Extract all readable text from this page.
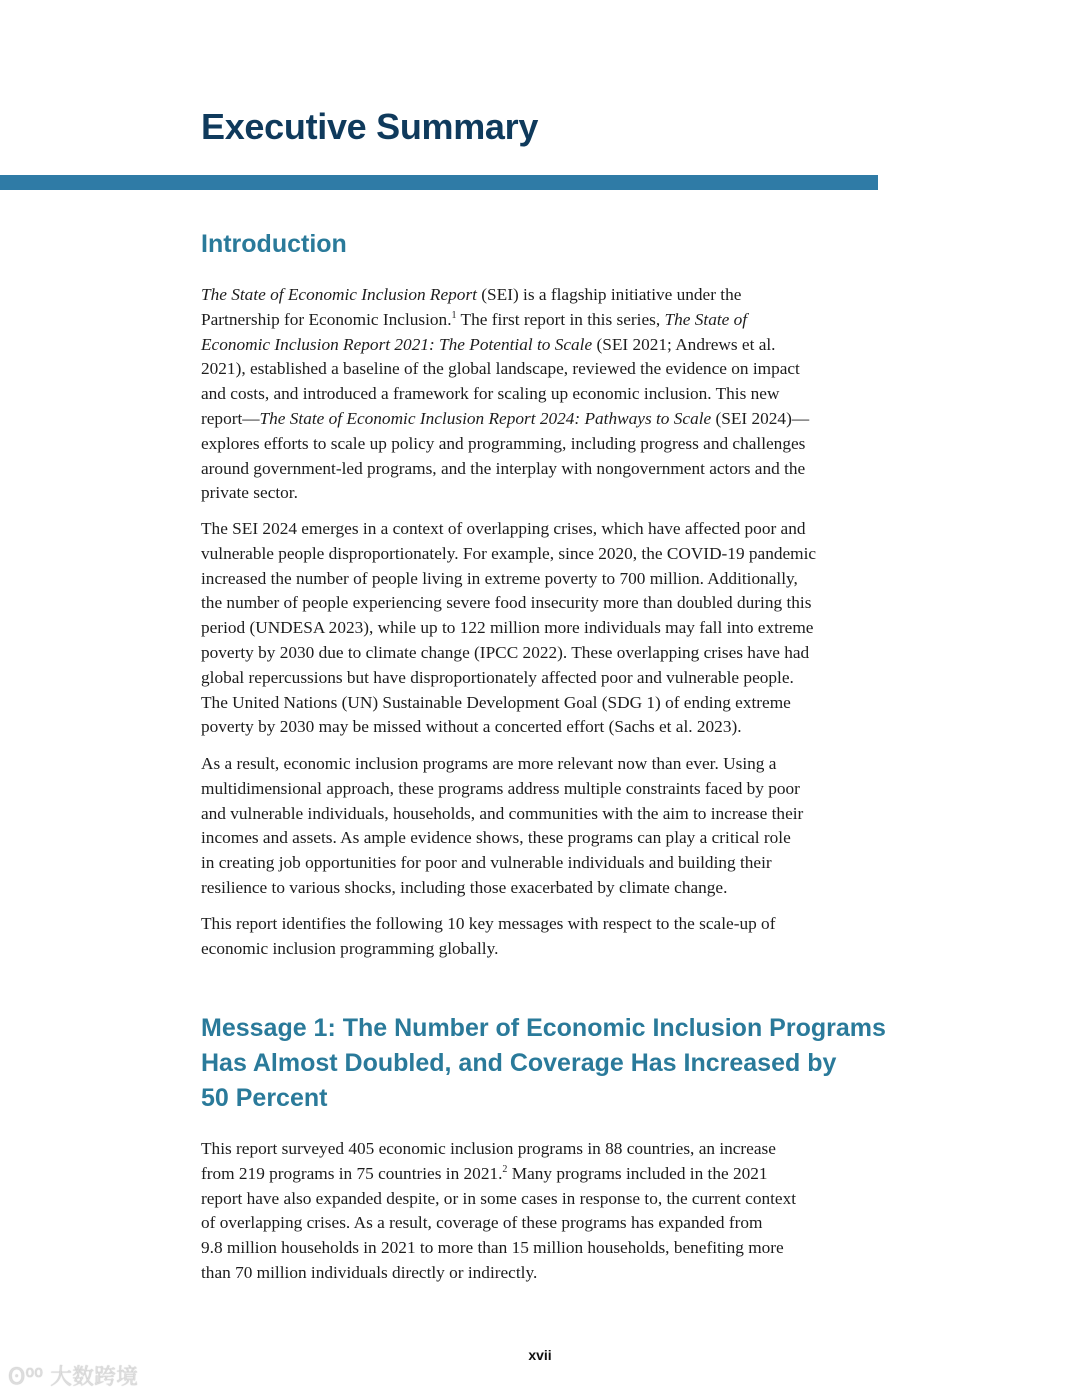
Executive Summary
Introduction
The State of Economic Inclusion Report (SEI) is a flagship initiative under the
Partnership for Economic Inclusion.$^1$ The first report in this series, The State of
Economic Inclusion Report 2021: The Potential to Scale (SEI 2021; Andrews et al.
2021), established a baseline of the global landscape, reviewed the evidence on impact
and costs, and introduced a framework for scaling up economic inclusion. This new
report—The State of Economic Inclusion Report 2024: Pathways to Scale (SEI 2024)—
explores efforts to scale up policy and programming, including progress and challenges
around government-led programs, and the interplay with nongovernment actors and the
private sector.
The SEI 2024 emerges in a context of overlapping crises, which have affected poor and
vulnerable people disproportionately. For example, since 2020, the COVID-19 pandemic
increased the number of people living in extreme poverty to 700 million. Additionally,
the number of people experiencing severe food insecurity more than doubled during this
period (UNDESA 2023), while up to 122 million more individuals may fall into extreme
poverty by 2030 due to climate change (IPCC 2022). These overlapping crises have had
global repercussions but have disproportionately affected poor and vulnerable people.
The United Nations (UN) Sustainable Development Goal (SDG 1) of ending extreme
poverty by 2030 may be missed without a concerted effort (Sachs et al. 2023).
As a result, economic inclusion programs are more relevant now than ever. Using a
multidimensional approach, these programs address multiple constraints faced by poor
and vulnerable individuals, households, and communities with the aim to increase their
incomes and assets. As ample evidence shows, these programs can play a critical role
in creating job opportunities for poor and vulnerable individuals and building their
resilience to various shocks, including those exacerbated by climate change.
This report identifies the following 10 key messages with respect to the scale-up of
economic inclusion programming globally.
Message 1: The Number of Economic Inclusion Programs
Has Almost Doubled, and Coverage Has Increased by
50 Percent
This report surveyed 405 economic inclusion programs in 88 countries, an increase
from 219 programs in 75 countries in 2021.$^2$ Many programs included in the 2021
report have also expanded despite, or in some cases in response to, the current context
of overlapping crises. As a result, coverage of these programs has expanded from
9.8 million households in 2021 to more than 15 million households, benefiting more
than 70 million individuals directly or indirectly.
xvii
ʘ⁰⁰ 大数跨境
